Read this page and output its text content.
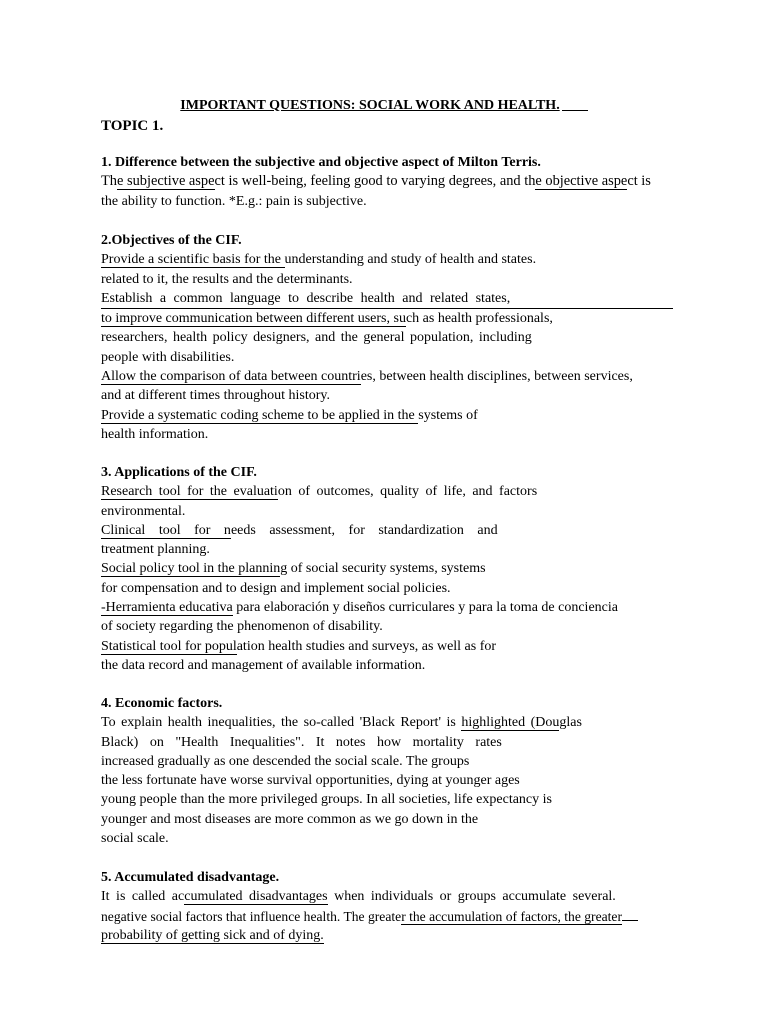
IMPORTANT QUESTIONS: SOCIAL WORK AND HEALTH.
TOPIC 1.
1. Difference between the subjective and objective aspect of Milton Terris.
The subjective aspect is well-being, feeling good to varying degrees, and the objective aspect is
the ability to function. *E.g.: pain is subjective.
2.Objectives of the CIF.
Provide a scientific basis for the understanding and study of health and states.
related to it, the results and the determinants.
Establish a common language to describe health and related states,
to improve communication between different users, such as health professionals,
researchers, health policy designers, and the general population, including
people with disabilities.
Allow the comparison of data between countries, between health disciplines, between services,
and at different times throughout history.
Provide a systematic coding scheme to be applied in the systems of
health information.
3. Applications of the CIF.
Research tool for the evaluation of outcomes, quality of life, and factors
environmental.
Clinical tool for needs assessment, for standardization and
treatment planning.
Social policy tool in the planning of social security systems, systems
for compensation and to design and implement social policies.
-Herramienta educativa para elaboración y diseños curriculares y para la toma de conciencia
of society regarding the phenomenon of disability.
Statistical tool for population health studies and surveys, as well as for
the data record and management of available information.
4. Economic factors.
To explain health inequalities, the so-called 'Black Report' is highlighted (Douglas
Black) on "Health Inequalities". It notes how mortality rates
increased gradually as one descended the social scale. The groups
the less fortunate have worse survival opportunities, dying at younger ages
young people than the more privileged groups. In all societies, life expectancy is
younger and most diseases are more common as we go down in the
social scale.
5. Accumulated disadvantage.
It is called accumulated disadvantages when individuals or groups accumulate several.
negative social factors that influence health. The greater the accumulation of factors, the greater
probability of getting sick and of dying.
